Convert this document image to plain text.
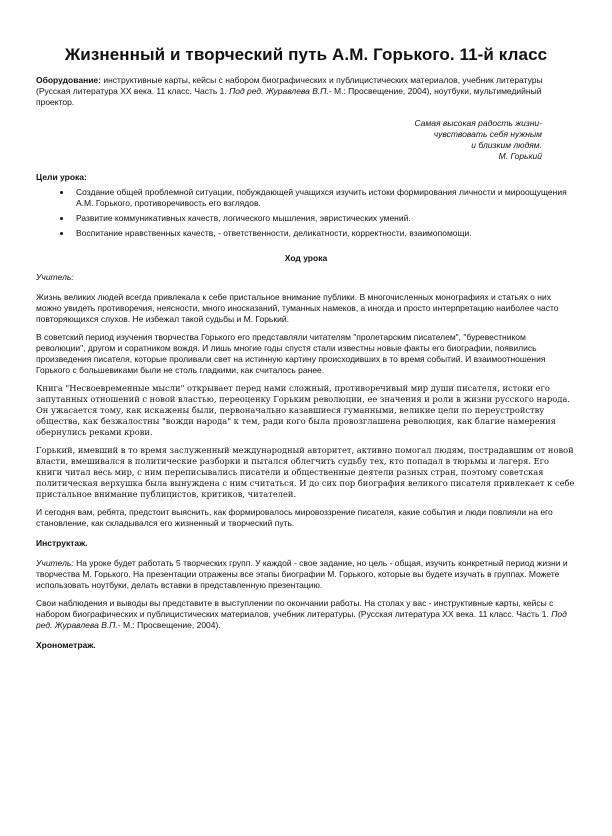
Жизненный и творческий путь А.М. Горького. 11-й класс
Оборудование: инструктивные карты, кейсы с набором биографических и публицистических материалов, учебник литературы (Русская литература XX века. 11 класс. Часть 1. Под ред. Журавлева В.П.- М.: Просвещение, 2004), ноутбуки, мультимедийный проектор.
Самая высокая радость жизни-
чувствовать себя нужным
и близким людям.
М. Горький
Цели урока:
• Создание общей проблемной ситуации, побуждающей учащихся изучить истоки формирования личности и мироощущения А.М. Горького, противоречивость его взглядов.
• Развитие коммуникативных качеств, логического мышления, эвристических умений.
• Воспитание нравственных качеств, - ответственности, деликатности, корректности, взаимопомощи.
Ход урока
Учитель:
Жизнь великих людей всегда привлекала к себе пристальное внимание публики. В многочисленных монографиях и статьях о них можно увидеть противоречия, неясности, много иносказаний, туманных намеков, а иногда и просто интерпретацию наиболее часто повторяющихся слухов. Не избежал такой судьбы и М. Горький.
В советский период изучения творчества Горького его представляли читателям "пролетарским писателем", "буревестником революции", другом и соратником вождя. И лишь многие годы спустя стали известны новые факты его биографии, появились произведения писателя, которые проливали свет на истинную картину происходивших в то время событий. И взаимоотношения Горького с большевиками были не столь гладкими, как считалось ранее.
Книга "Несвоевременные мысли" открывает перед нами сложный, противоречивый мир души писателя, истоки его запутанных отношений с новой властью, переоценку Горьким революции, ее значения и роли в жизни русского народа. Он ужасается тому, как искажены были, первоначально казавшиеся гуманными, великие цели по переустройству общества, как безжалостны "вожди народа" к тем, ради кого была провозглашена революция, как благие намерения обернулись реками крови.
Горький, имевший в то время заслуженный международный авторитет, активно помогал людям, пострадавшим от новой власти, вмешивался в политические разборки и пытался облегчить судьбу тех, кто попадал в тюрьмы и лагеря. Его книги читал весь мир, с ним переписывались писатели и общественные деятели разных стран, поэтому советская политическая верхушка была вынуждена с ним считаться. И до сих пор биография великого писателя привлекает к себе пристальное внимание публицистов, критиков, читателей.
И сегодня вам, ребята, предстоит выяснить, как формировалось мировоззрение писателя, какие события и люди повлияли на его становление, как складывался его жизненный и творческий путь.
Инструктаж.
Учитель: На уроке будет работать 5 творческих групп. У каждой - свое задание, но цель - общая, изучить конкретный период жизни и творчества М. Горького. На презентации отражены все этапы биографии М. Горького, которые вы будете изучать в группах. Можете использовать ноутбуки, делать вставки в представленную презентацию.
Свои наблюдения и выводы вы представите в выступлении по окончании работы. На столах у вас - инструктивные карты, кейсы с набором биографических и публицистических материалов, учебник литературы. (Русская литература XX века. 11 класс. Часть 1. Под ред. Журавлева В.П.- М.: Просвещение, 2004).
Хронометраж.
